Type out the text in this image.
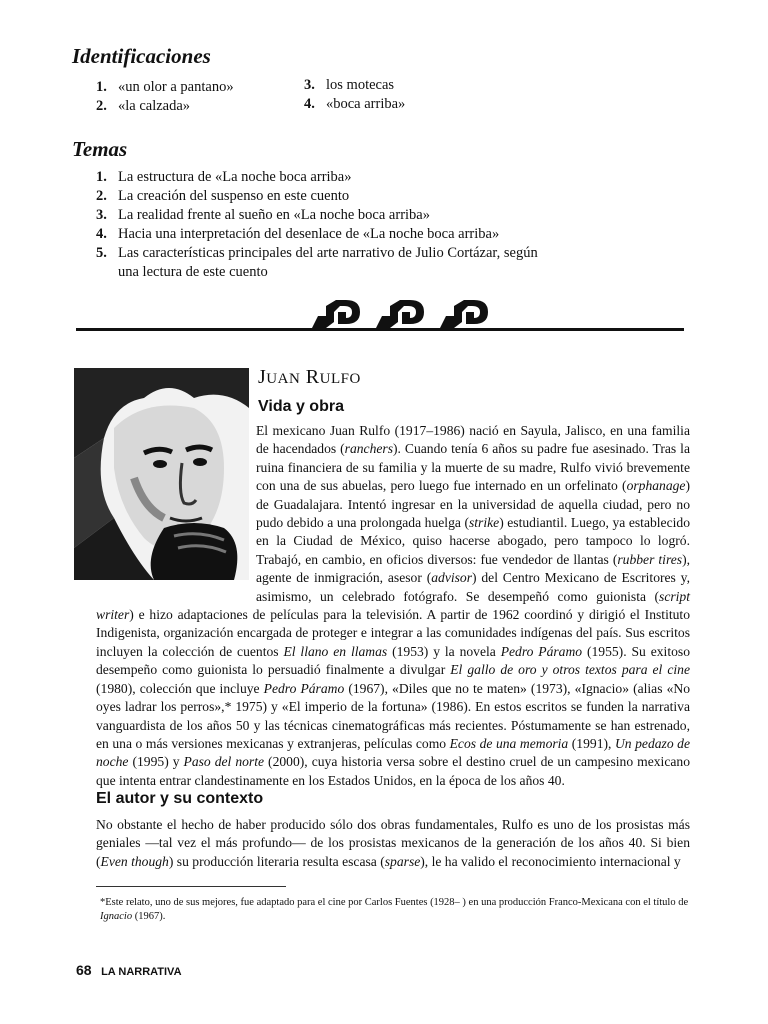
Identificaciones
1. «un olor a pantano»
2. «la calzada»
3. los motecas
4. «boca arriba»
Temas
1. La estructura de «La noche boca arriba»
2. La creación del suspenso en este cuento
3. La realidad frente al sueño en «La noche boca arriba»
4. Hacia una interpretación del desenlace de «La noche boca arriba»
5. Las características principales del arte narrativo de Julio Cortázar, según
una lectura de este cuento
JUAN RULFO
Vida y obra
El mexicano Juan Rulfo (1917–1986) nació en Sayula, Jalisco, en una familia de hacendados (ranchers). Cuando tenía 6 años su padre fue asesinado. Tras la ruina financiera de su familia y la muerte de su madre, Rulfo vivió brevemente con una de sus abuelas, pero luego fue internado en un orfelinato (orphanage) de Guadalajara. Intentó ingresar en la universidad de aquella ciudad, pero no pudo debido a una prolongada huelga (strike) estudiantil. Luego, ya establecido en la Ciudad de México, quiso hacerse abogado, pero tampoco lo logró. Trabajó, en cambio, en oficios diversos: fue vendedor de llantas (rubber tires), agente de inmigración, asesor (advisor) del Centro Mexicano de Escritores y, asimismo, un celebrado fotógrafo. Se desempeñó como guionista (script writer) e hizo adaptaciones de películas para la televisión. A partir de 1962 coordinó y dirigió el Instituto Indigenista, organización encargada de proteger e integrar a las comunidades indígenas del país. Sus escritos incluyen la colección de cuentos El llano en llamas (1953) y la novela Pedro Páramo (1955). Su exitoso desempeño como guionista lo persuadió finalmente a divulgar El gallo de oro y otros textos para el cine (1980), colección que incluye Pedro Páramo (1967), «Diles que no te maten» (1973), «Ignacio» (alias «No oyes ladrar los perros»,* 1975) y «El imperio de la fortuna» (1986). En estos escritos se funden la narrativa vanguardista de los años 50 y las técnicas cinematográficas más recientes. Póstumamente se han estrenado, en una o más versiones mexicanas y extranjeras, películas como Ecos de una memoria (1991), Un pedazo de noche (1995) y Paso del norte (2000), cuya historia versa sobre el destino cruel de un campesino mexicano que intenta entrar clandestinamente en los Estados Unidos, en la época de los años 40.
El autor y su contexto
No obstante el hecho de haber producido sólo dos obras fundamentales, Rulfo es uno de los prosistas más geniales —tal vez el más profundo— de los prosistas mexicanos de la generación de los años 40. Si bien (Even though) su producción literaria resulta escasa (sparse), le ha valido el reconocimiento internacional y
*Este relato, uno de sus mejores, fue adaptado para el cine por Carlos Fuentes (1928– ) en una producción Franco-Mexicana con el título de Ignacio (1967).
68 LA NARRATIVA
